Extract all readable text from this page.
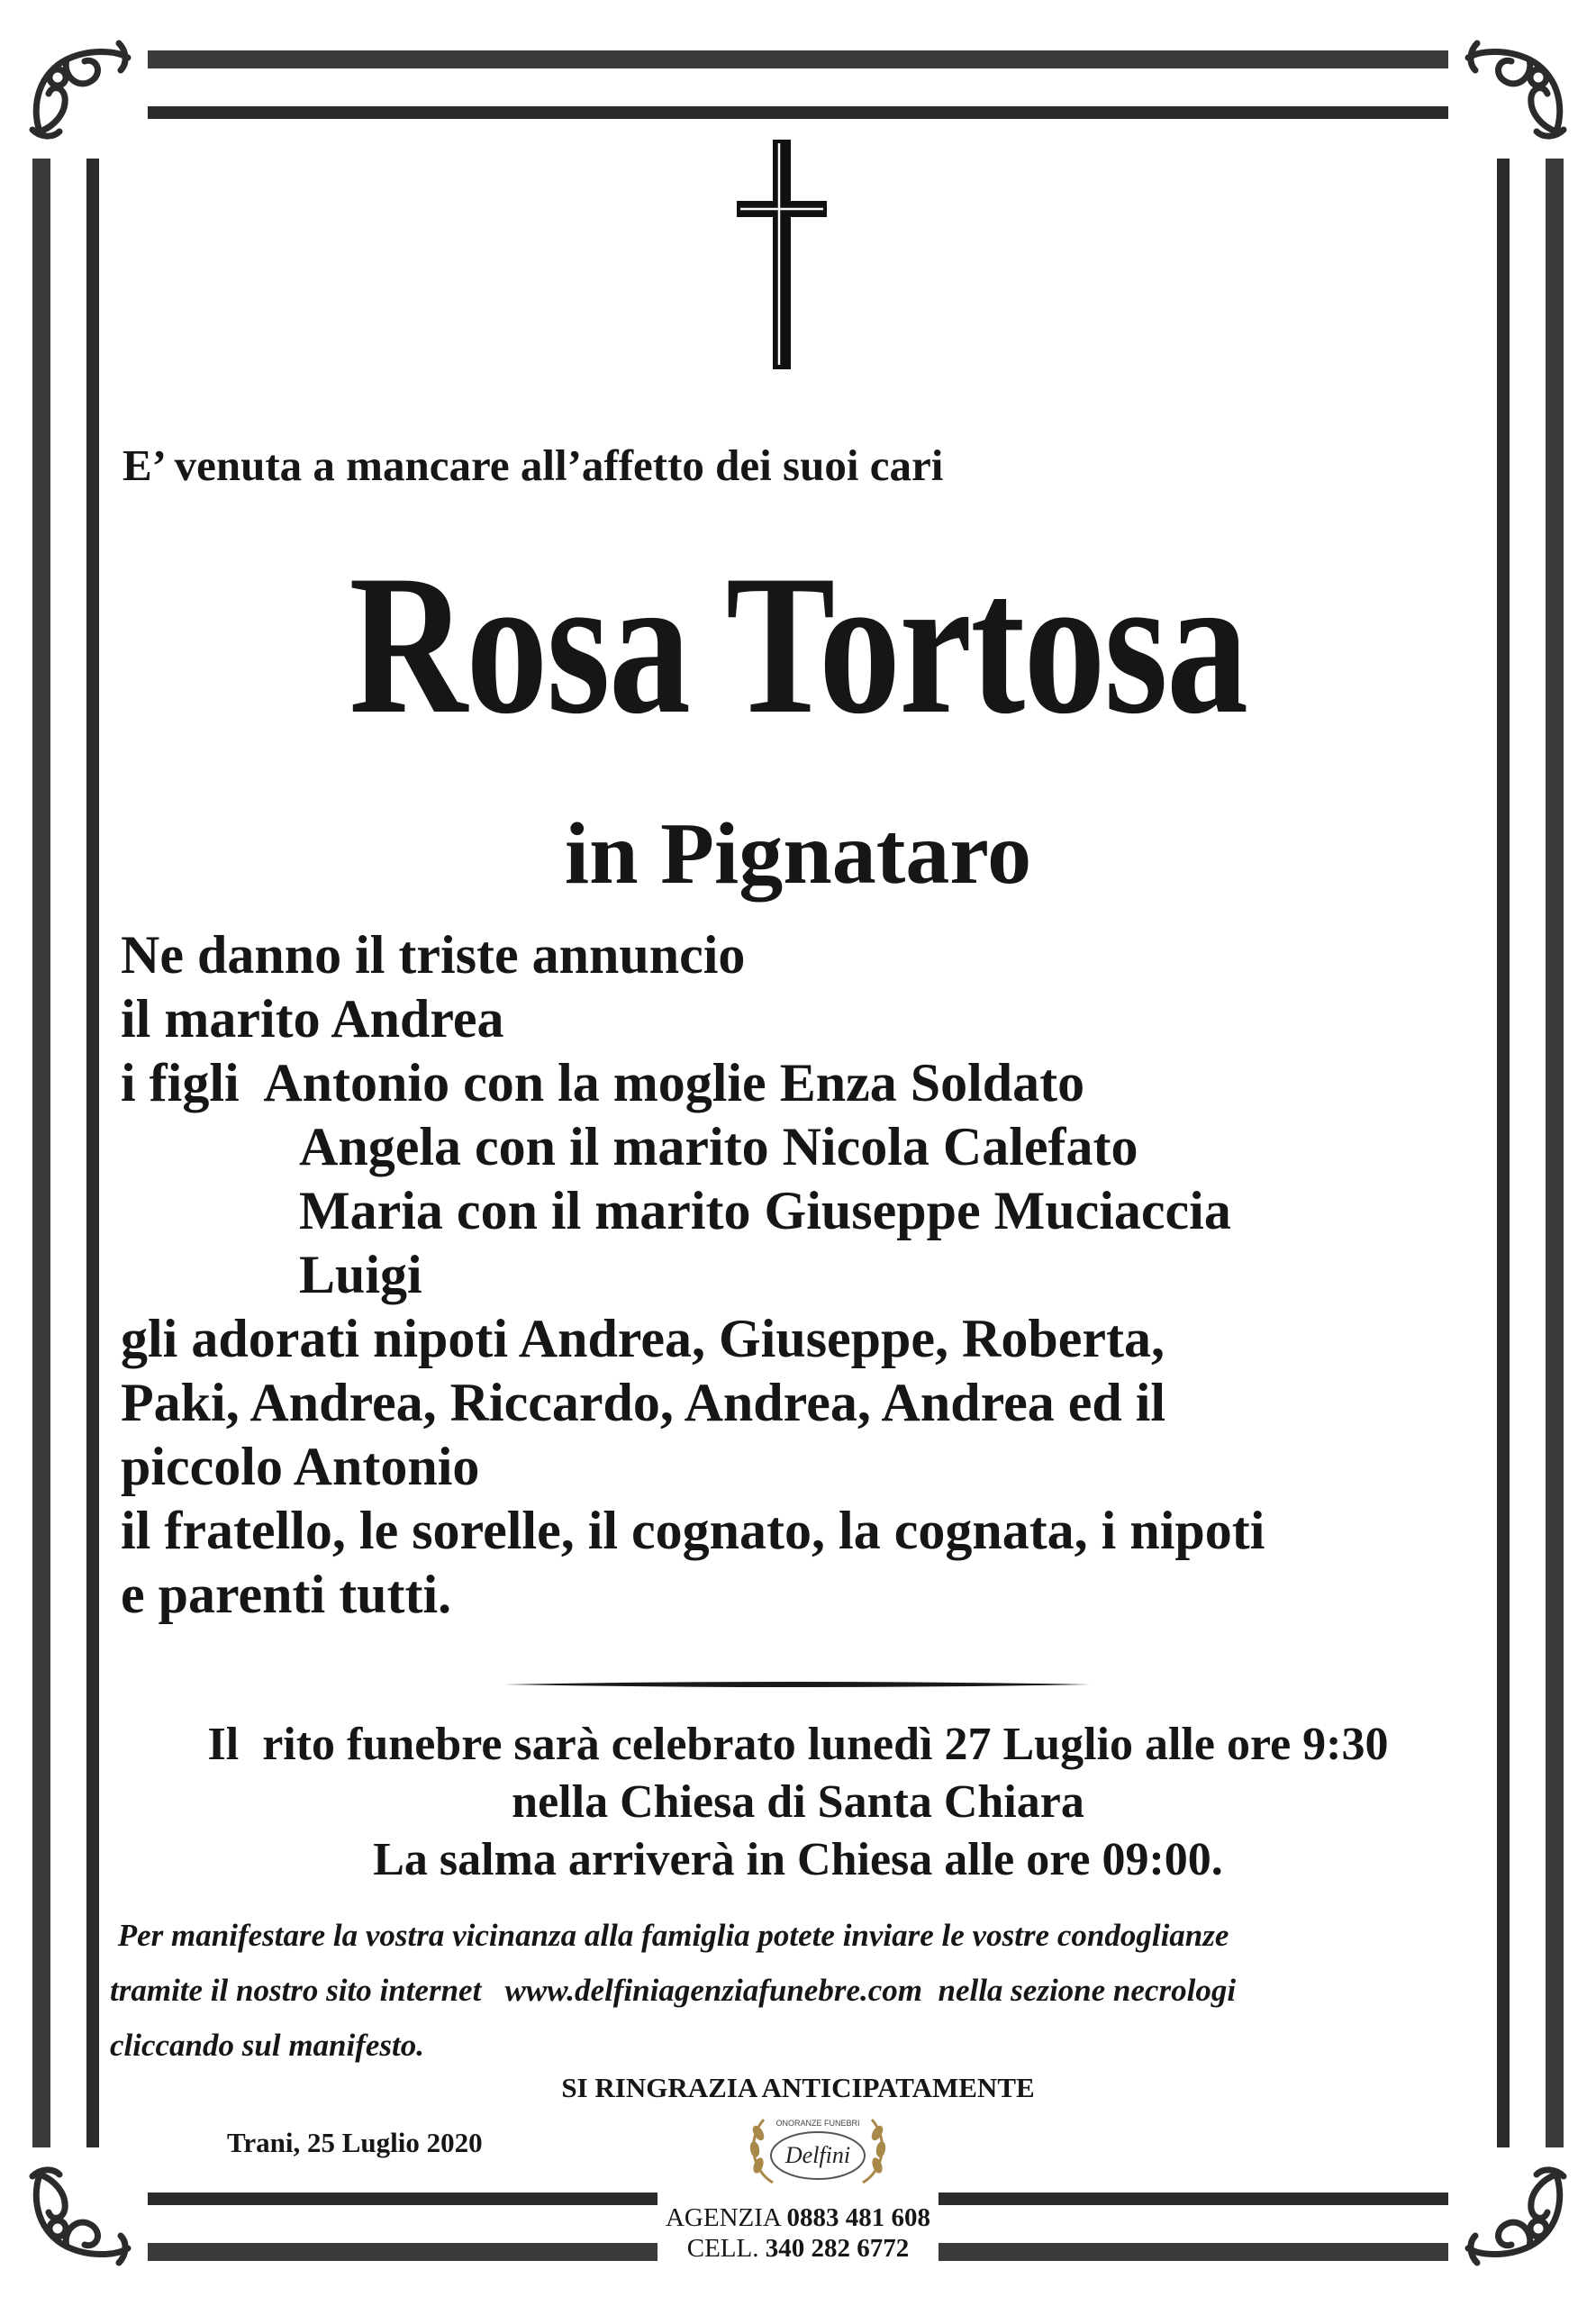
E’ venuta a mancare all’affetto dei suoi cari
Rosa Tortosa
in Pignataro
Ne danno il triste annuncio
il marito Andrea
i figli  Antonio con la moglie Enza Soldato
Angela con il marito Nicola Calefato
Maria con il marito Giuseppe Muciaccia
Luigi
gli adorati nipoti Andrea, Giuseppe, Roberta,
Paki, Andrea, Riccardo, Andrea, Andrea ed il
piccolo Antonio
il fratello, le sorelle, il cognato, la cognata, i nipoti
e parenti tutti.
Il  rito funebre sarà celebrato lunedì 27 Luglio alle ore 9:30
nella Chiesa di Santa Chiara
La salma arriverà in Chiesa alle ore 09:00.
Per manifestare la vostra vicinanza alla famiglia potete inviare le vostre condoglianze
tramite il nostro sito internet   www.delfiniagenziafunebre.com  nella sezione necrologi
cliccando sul manifesto.
SI RINGRAZIA ANTICIPATAMENTE
Trani, 25 Luglio 2020
ONORANZE FUNEBRI
Delfini
AGENZIA 0883 481 608
CELL. 340 282 6772
